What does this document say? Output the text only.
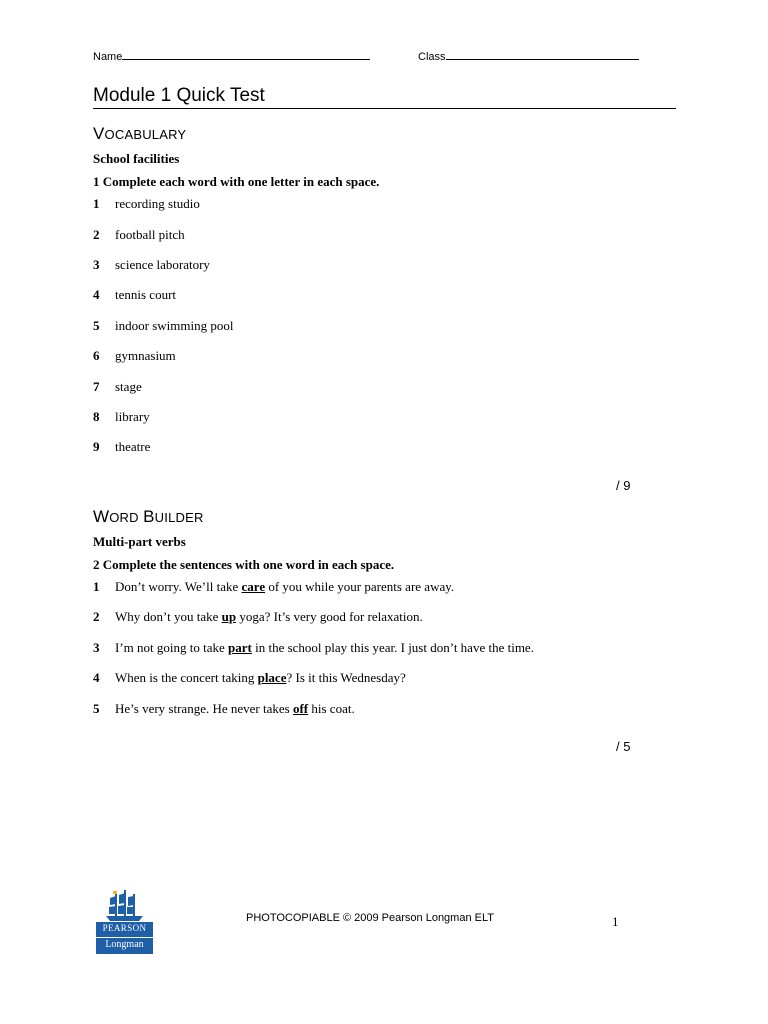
Name	Class
Module 1 Quick Test
VOCABULARY
School facilities
1 Complete each word with one letter in each space.
1 recording studio
2 football pitch
3 science laboratory
4 tennis court
5 indoor swimming pool
6 gymnasium
7 stage
8 library
9 theatre
/ 9
WORD BUILDER
Multi-part verbs
2 Complete the sentences with one word in each space.
1 Don’t worry. We’ll take care of you while your parents are away.
2 Why don’t you take up yoga? It’s very good for relaxation.
3 I’m not going to take part in the school play this year. I just don’t have the time.
4 When is the concert taking place? Is it this Wednesday?
5 He’s very strange. He never takes off his coat.
/ 5
PEARSON
Longman
PHOTOCOPIABLE © 2009 Pearson Longman ELT	1
